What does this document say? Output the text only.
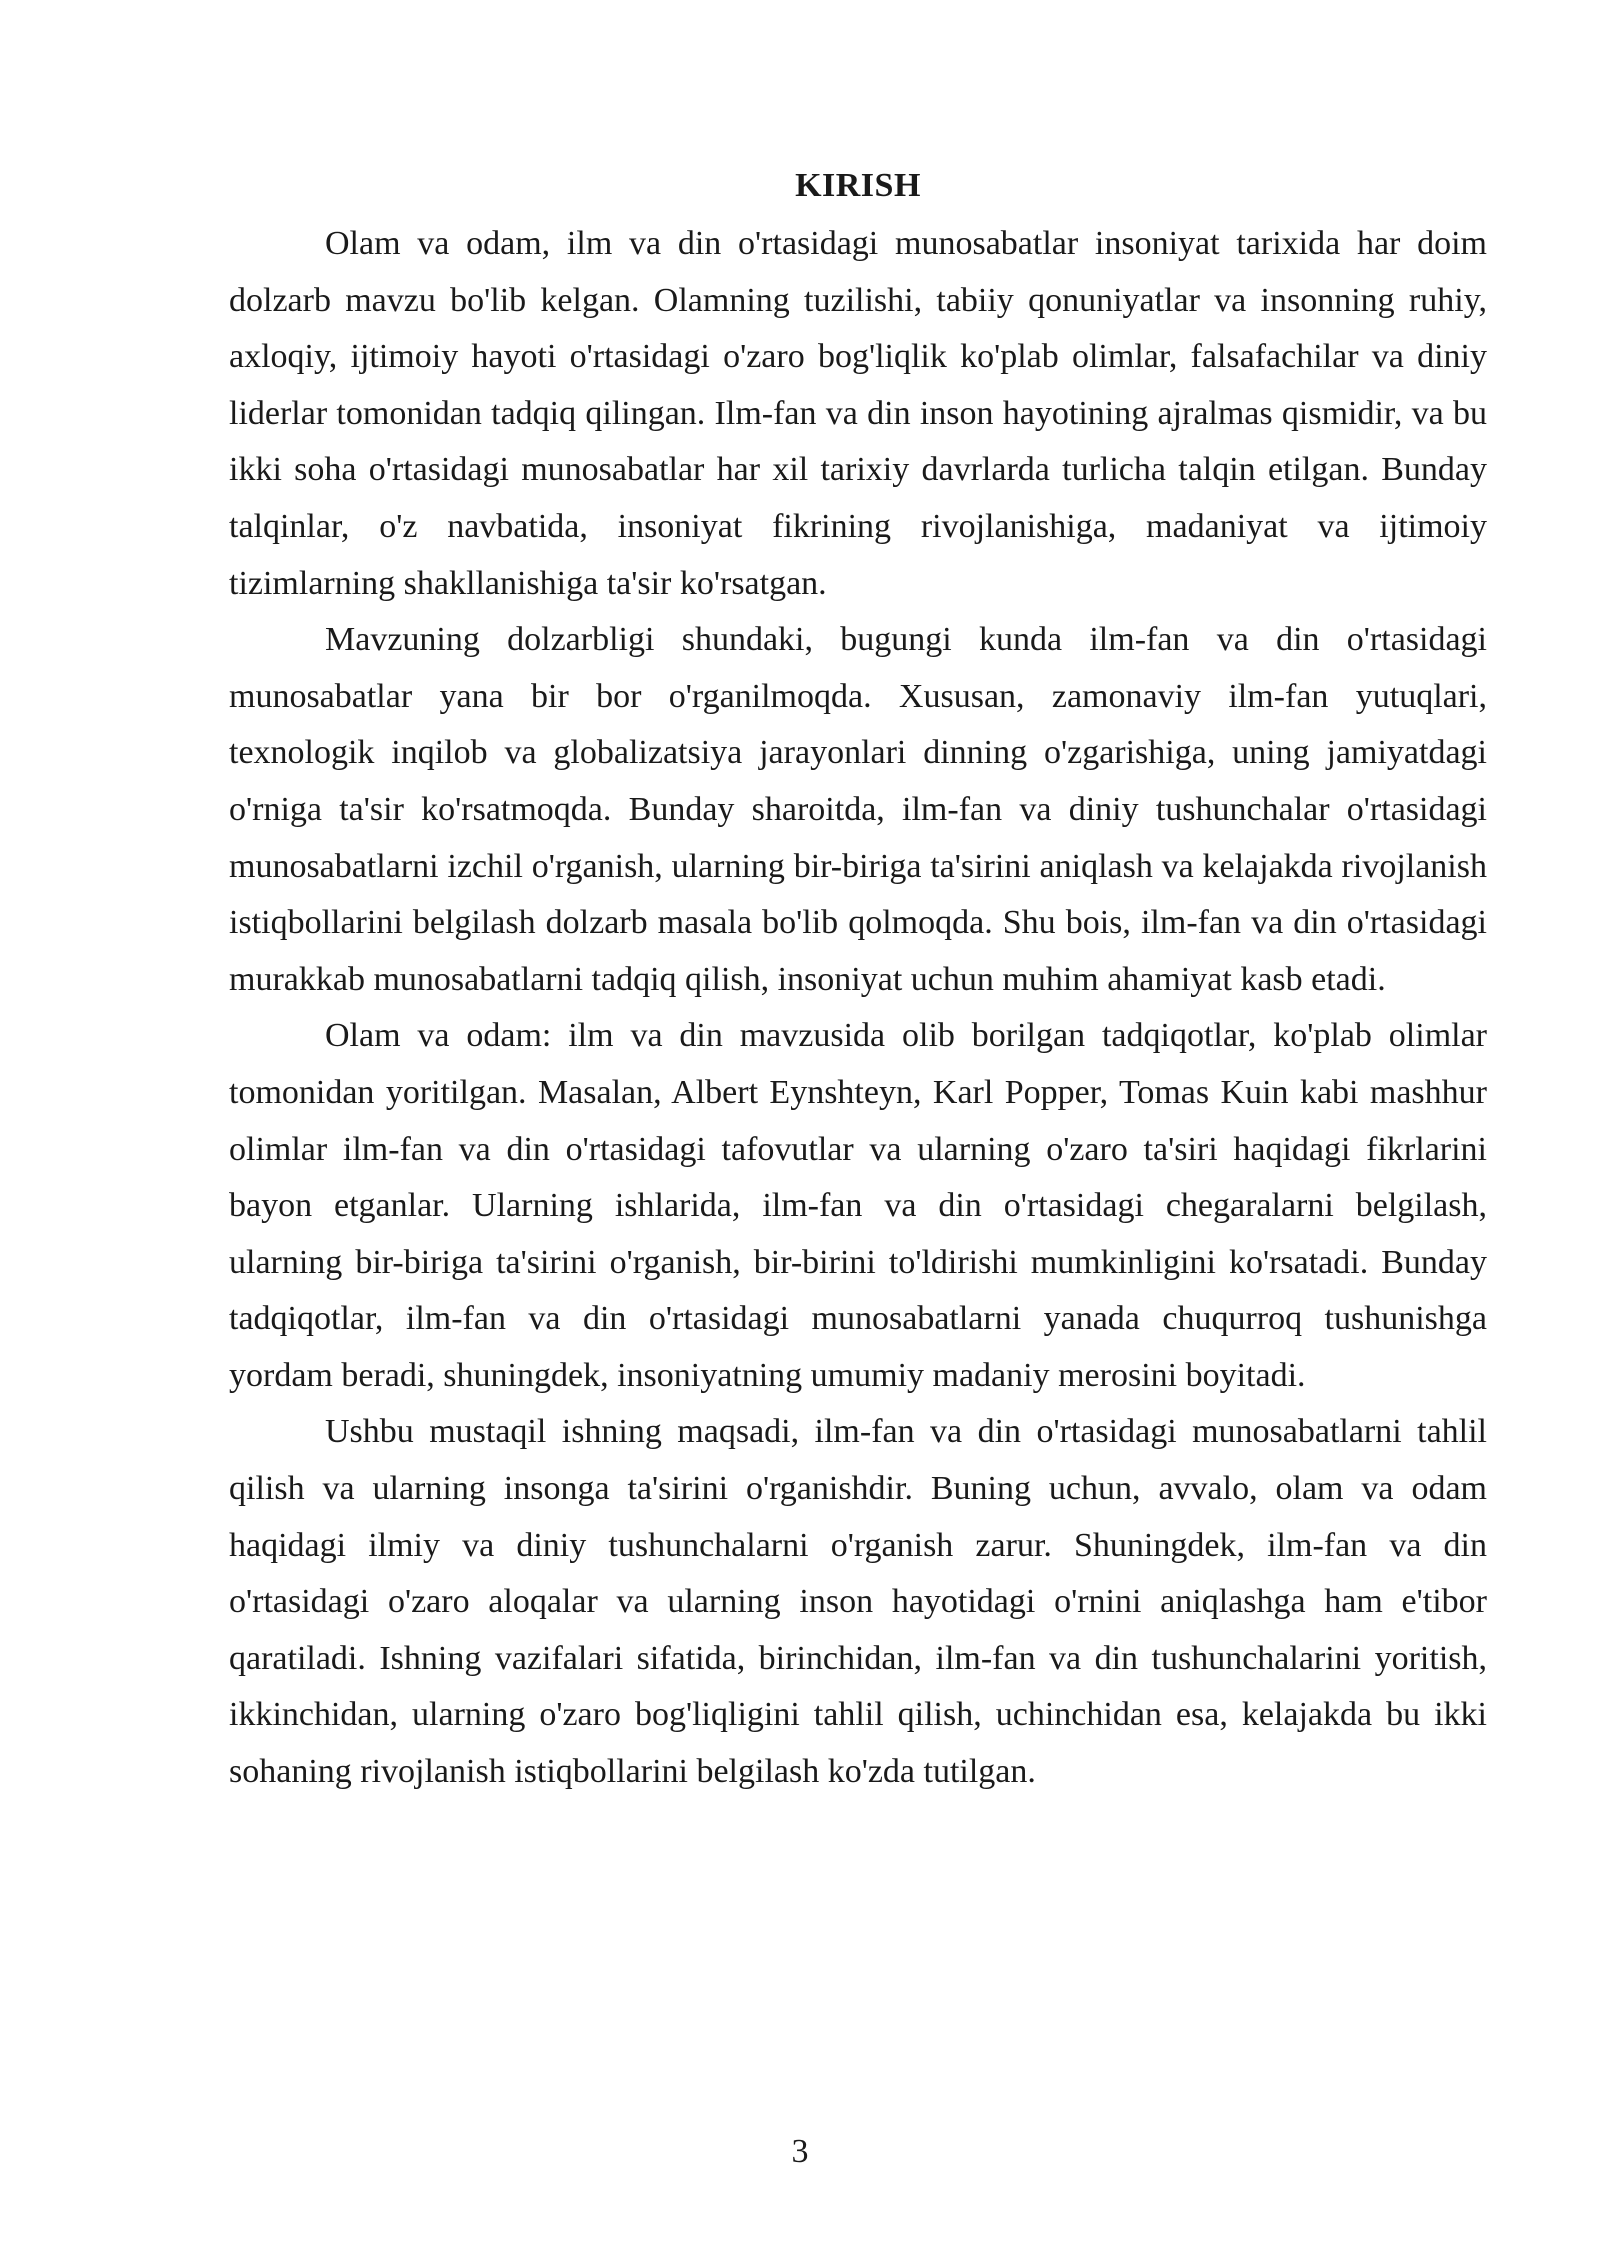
KIRISH

Olam va odam, ilm va din o'rtasidagi munosabatlar insoniyat tarixida har doim dolzarb mavzu bo'lib kelgan. Olamning tuzilishi, tabiiy qonuniyatlar va insonning ruhiy, axloqiy, ijtimoiy hayoti o'rtasidagi o'zaro bog'liqlik ko'plab olimlar, falsafachilar va diniy liderlar tomonidan tadqiq qilingan. Ilm-fan va din inson hayotining ajralmas qismidir, va bu ikki soha o'rtasidagi munosabatlar har xil tarixiy davrlarda turlicha talqin etilgan. Bunday talqinlar, o'z navbatida, insoniyat fikrining rivojlanishiga, madaniyat va ijtimoiy tizimlarning shakllanishiga ta'sir ko'rsatgan.

Mavzuning dolzarbligi shundaki, bugungi kunda ilm-fan va din o'rtasidagi munosabatlar yana bir bor o'rganilmoqda. Xususan, zamonaviy ilm-fan yutuqlari, texnologik inqilob va globalizatsiya jarayonlari dinning o'zgarishiga, uning jamiyatdagi o'rniga ta'sir ko'rsatmoqda. Bunday sharoitda, ilm-fan va diniy tushunchalar o'rtasidagi munosabatlarni izchil o'rganish, ularning bir-biriga ta'sirini aniqlash va kelajakda rivojlanish istiqbollarini belgilash dolzarb masala bo'lib qolmoqda. Shu bois, ilm-fan va din o'rtasidagi murakkab munosabatlarni tadqiq qilish, insoniyat uchun muhim ahamiyat kasb etadi.

Olam va odam: ilm va din mavzusida olib borilgan tadqiqotlar, ko'plab olimlar tomonidan yoritilgan. Masalan, Albert Eynshteyn, Karl Popper, Tomas Kuin kabi mashhur olimlar ilm-fan va din o'rtasidagi tafovutlar va ularning o'zaro ta'siri haqidagi fikrlarini bayon etganlar. Ularning ishlarida, ilm-fan va din o'rtasidagi chegaralarni belgilash, ularning bir-biriga ta'sirini o'rganish, bir-birini to'ldirishi mumkinligini ko'rsatadi. Bunday tadqiqotlar, ilm-fan va din o'rtasidagi munosabatlarni yanada chuqurroq tushunishga yordam beradi, shuningdek, insoniyatning umumiy madaniy merosini boyitadi.

Ushbu mustaqil ishning maqsadi, ilm-fan va din o'rtasidagi munosabatlarni tahlil qilish va ularning insonga ta'sirini o'rganishdir. Buning uchun, avvalo, olam va odam haqidagi ilmiy va diniy tushunchalarni o'rganish zarur. Shuningdek, ilm-fan va din o'rtasidagi o'zaro aloqalar va ularning inson hayotidagi o'rnini aniqlashga ham e'tibor qaratiladi. Ishning vazifalari sifatida, birinchidan, ilm-fan va din tushunchalarini yoritish, ikkinchidan, ularning o'zaro bog'liqligini tahlil qilish, uchinchidan esa, kelajakda bu ikki sohaning rivojlanish istiqbollarini belgilash ko'zda tutilgan.

3
